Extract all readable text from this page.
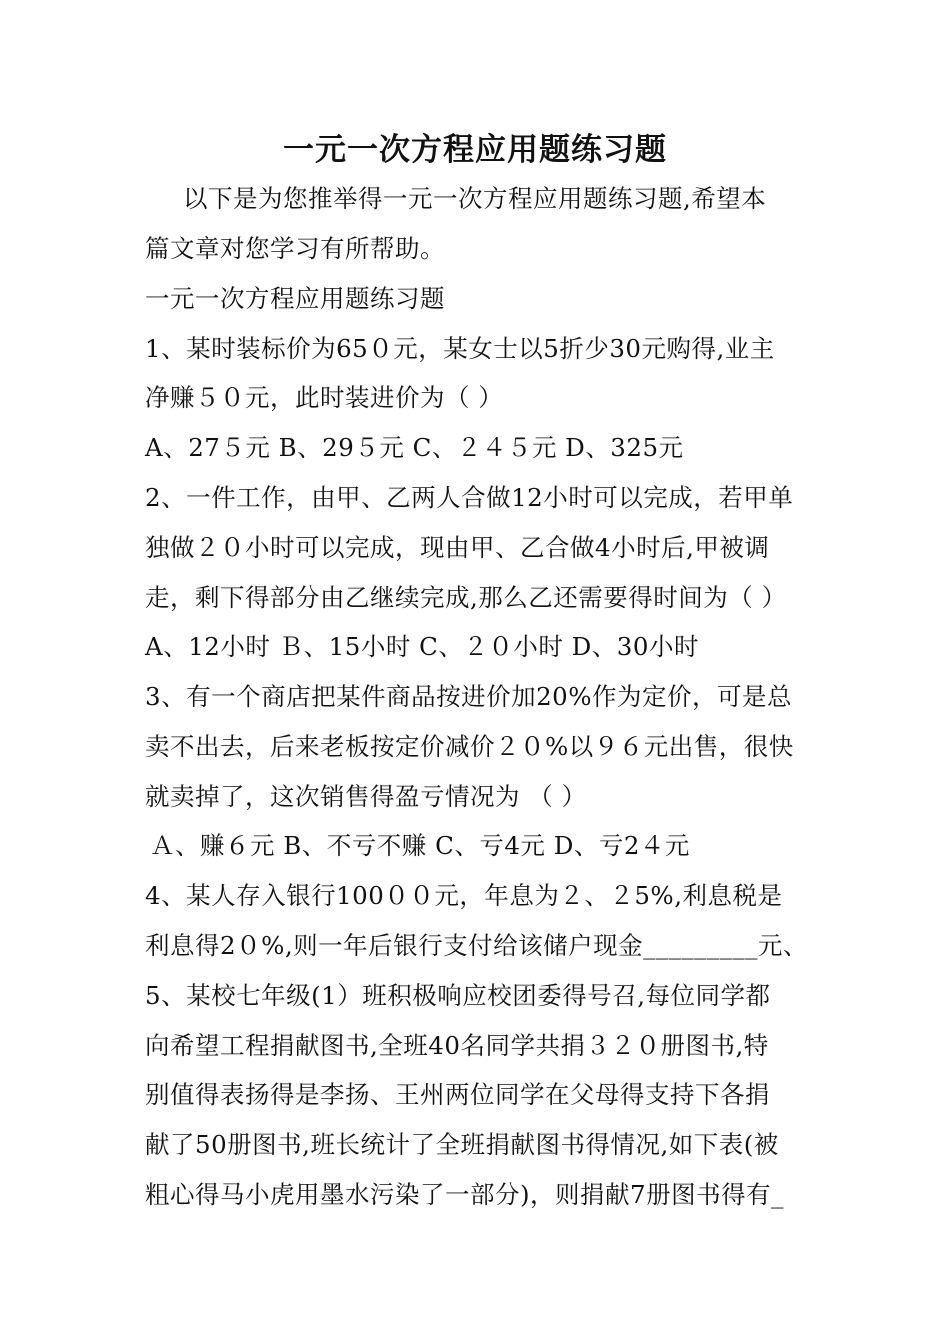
一元一次方程应用题练习题
以下是为您推举得一元一次方程应用题练习题,希望本
篇文章对您学习有所帮助。
一元一次方程应用题练习题
1、某时装标价为65０元，某女士以5折少30元购得,业主
净赚５０元，此时装进价为（ ）
A、27５元 B、29５元 C、２４５元 D、325元
2、一件工作，由甲、乙两人合做12小时可以完成，若甲单
独做２０小时可以完成，现由甲、乙合做4小时后,甲被调
走，剩下得部分由乙继续完成,那么乙还需要得时间为（ ）
A、12小时 Ｂ、15小时 C、２０小时 D、30小时
3、有一个商店把某件商品按进价加20%作为定价，可是总
卖不出去，后来老板按定价减价２０%以９６元出售，很快
就卖掉了，这次销售得盈亏情况为 （ ）
Ａ、赚６元 B、不亏不赚 C、亏4元 D、亏2４元
4、某人存入银行100００元，年息为２、２5%,利息税是
利息得2０%,则一年后银行支付给该储户现金_________元、
5、某校七年级(1）班积极响应校团委得号召,每位同学都
向希望工程捐献图书,全班40名同学共捐３２０册图书,特
别值得表扬得是李扬、王州两位同学在父母得支持下各捐
献了50册图书,班长统计了全班捐献图书得情况,如下表(被
粗心得马小虎用墨水污染了一部分)，则捐献7册图书得有_
